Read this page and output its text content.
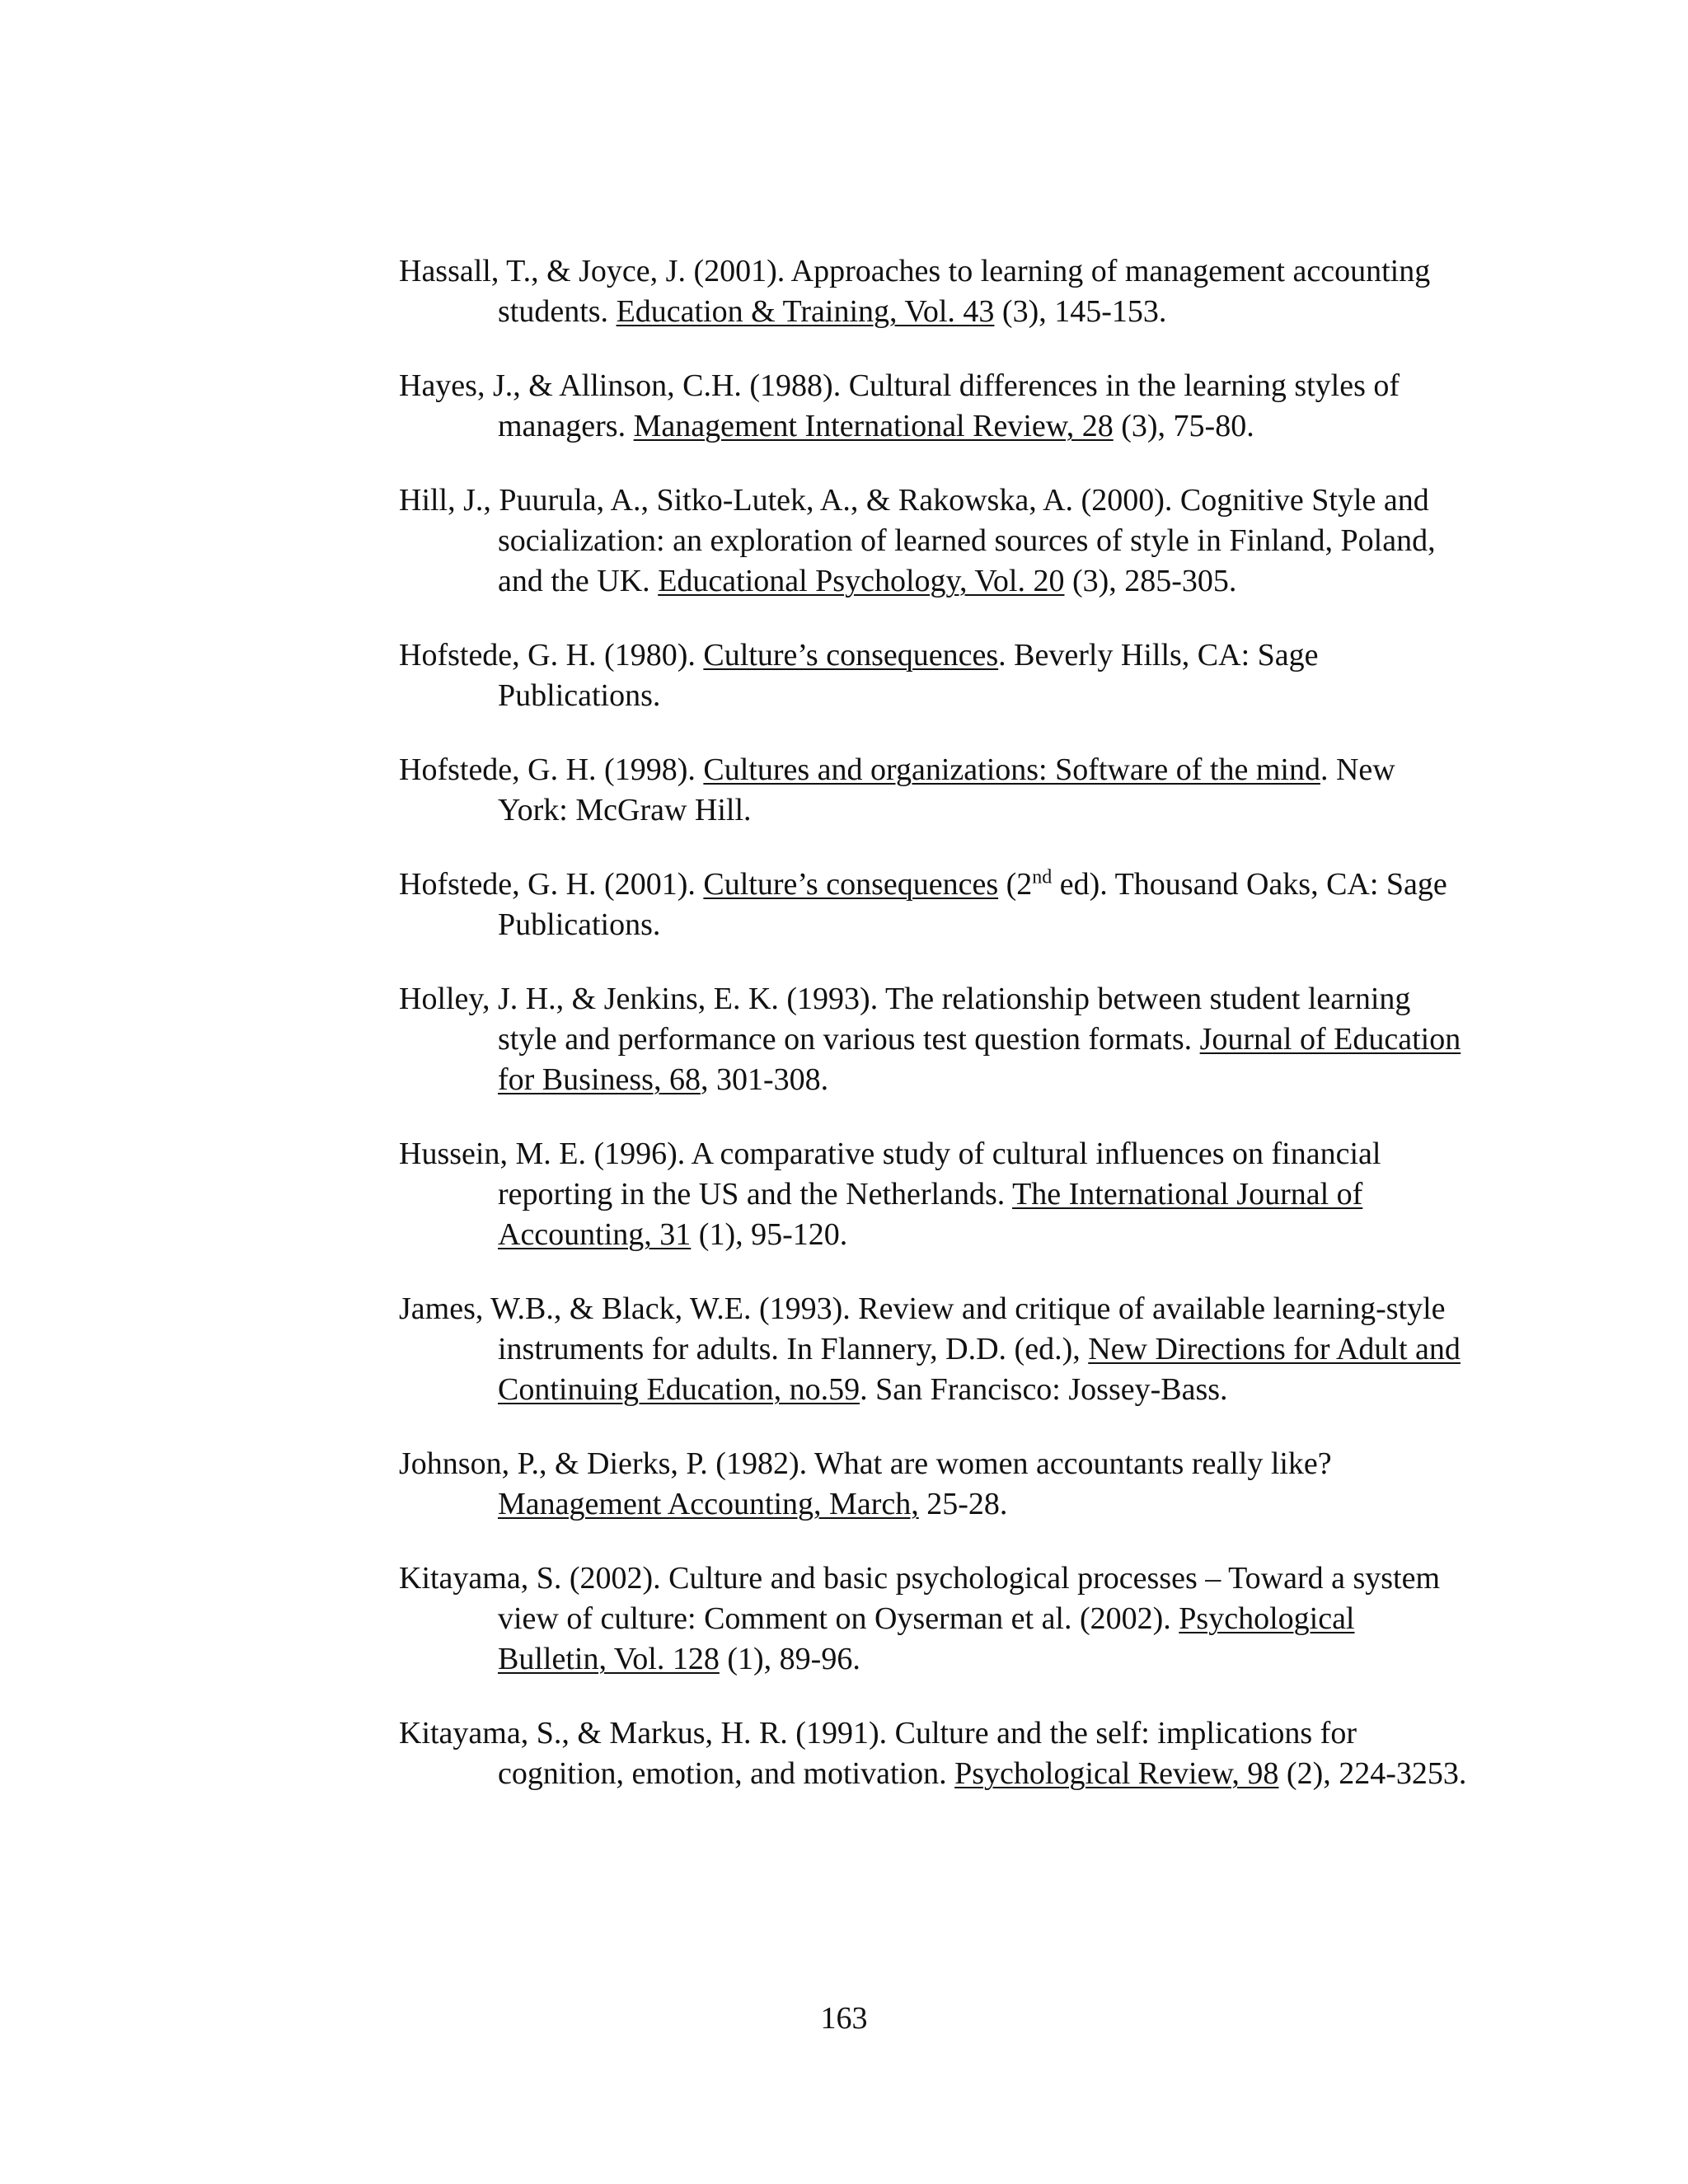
Hassall, T., & Joyce, J. (2001). Approaches to learning of management accounting students. Education & Training, Vol. 43 (3), 145-153.

Hayes, J., & Allinson, C.H. (1988). Cultural differences in the learning styles of managers. Management International Review, 28 (3), 75-80.

Hill, J., Puurula, A., Sitko-Lutek, A., & Rakowska, A. (2000). Cognitive Style and socialization: an exploration of learned sources of style in Finland, Poland, and the UK. Educational Psychology, Vol. 20 (3), 285-305.

Hofstede, G. H. (1980). Culture’s consequences. Beverly Hills, CA: Sage Publications.

Hofstede, G. H. (1998). Cultures and organizations: Software of the mind. New York: McGraw Hill.

Hofstede, G. H. (2001). Culture’s consequences (2nd ed). Thousand Oaks, CA: Sage Publications.

Holley, J. H., & Jenkins, E. K. (1993). The relationship between student learning style and performance on various test question formats. Journal of Education for Business, 68, 301-308.

Hussein, M. E. (1996). A comparative study of cultural influences on financial reporting in the US and the Netherlands. The International Journal of Accounting, 31 (1), 95-120.

James, W.B., & Black, W.E. (1993). Review and critique of available learning-style instruments for adults. In Flannery, D.D. (ed.), New Directions for Adult and Continuing Education, no.59. San Francisco: Jossey-Bass.

Johnson, P., & Dierks, P. (1982). What are women accountants really like? Management Accounting, March, 25-28.

Kitayama, S. (2002). Culture and basic psychological processes – Toward a system view of culture: Comment on Oyserman et al. (2002). Psychological Bulletin, Vol. 128 (1), 89-96.

Kitayama, S., & Markus, H. R. (1991). Culture and the self: implications for cognition, emotion, and motivation. Psychological Review, 98 (2), 224-3253.

163
